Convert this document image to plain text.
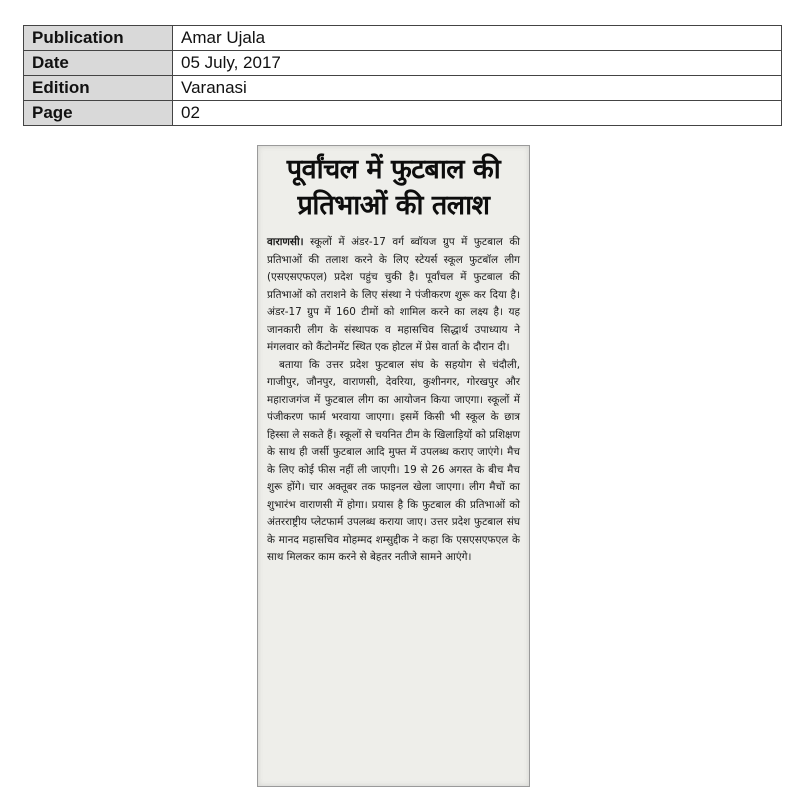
Publication	Amar Ujala
Date	05 July, 2017
Edition	Varanasi
Page	02
पूर्वांचल में फुटबाल की
प्रतिभाओं की तलाश

वाराणसी। स्कूलों में अंडर-17 वर्ग ब्वॉयज ग्रुप में फुटबाल की प्रतिभाओं की तलाश करने के लिए स्टेयर्स स्कूल फुटबॉल लीग (एसएसएफएल) प्रदेश पहुंच चुकी है। पूर्वांचल में फुटबाल की प्रतिभाओं को तराशने के लिए संस्था ने पंजीकरण शुरू कर दिया है। अंडर-17 ग्रुप में 160 टीमों को शामिल करने का लक्ष्य है। यह जानकारी लीग के संस्थापक व महासचिव सिद्धार्थ उपाध्याय ने मंगलवार को कैंटोनमेंट स्थित एक होटल में प्रेस वार्ता के दौरान दी।

बताया कि उत्तर प्रदेश फुटबाल संघ के सहयोग से चंदौली, गाजीपुर, जौनपुर, वाराणसी, देवरिया, कुशीनगर, गोरखपुर और महाराजगंज में फुटबाल लीग का आयोजन किया जाएगा। स्कूलों में पंजीकरण फार्म भरवाया जाएगा। इसमें किसी भी स्कूल के छात्र हिस्सा ले सकते हैं। स्कूलों से चयनित टीम के खिलाड़ियों को प्रशिक्षण के साथ ही जर्सी फुटबाल आदि मुफ्त में उपलब्ध कराए जाएंगे। मैच के लिए कोई फीस नहीं ली जाएगी। 19 से 26 अगस्त के बीच मैच शुरू होंगे। चार अक्तूबर तक फाइनल खेला जाएगा। लीग मैचों का शुभारंभ वाराणसी में होगा। प्रयास है कि फुटबाल की प्रतिभाओं को अंतरराष्ट्रीय प्लेटफार्म उपलब्ध कराया जाए। उत्तर प्रदेश फुटबाल संघ के मानद महासचिव मोहम्मद शम्सुद्दीक ने कहा कि एसएसएफएल के साथ मिलकर काम करने से बेहतर नतीजे सामने आएंगे।
